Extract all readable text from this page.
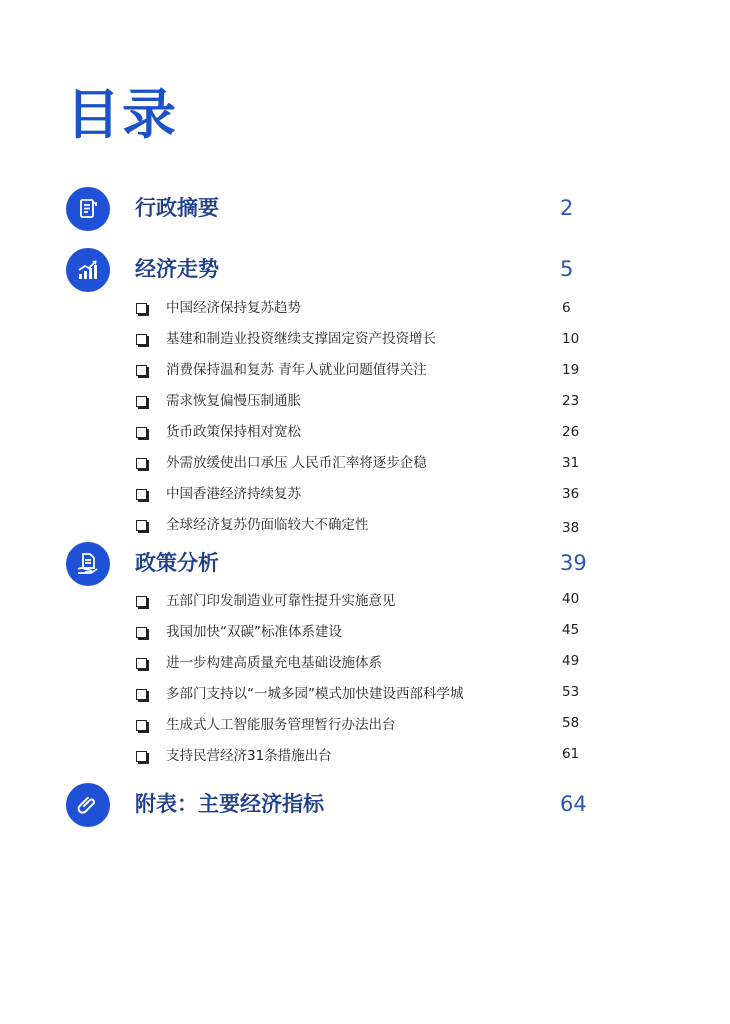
目录
行政摘要	2
经济走势	5
中国经济保持复苏趋势	6
基建和制造业投资继续支撑固定资产投资增长	10
消费保持温和复苏 青年人就业问题值得关注	19
需求恢复偏慢压制通胀	23
货币政策保持相对宽松	26
外需放缓使出口承压 人民币汇率将逐步企稳	31
中国香港经济持续复苏	36
全球经济复苏仍面临较大不确定性	38
政策分析	39
五部门印发制造业可靠性提升实施意见	40
我国加快“双碳”标准体系建设	45
进一步构建高质量充电基础设施体系	49
多部门支持以“一城多园”模式加快建设西部科学城	53
生成式人工智能服务管理暂行办法出台	58
支持民营经济31条措施出台	61
附表：主要经济指标	64
